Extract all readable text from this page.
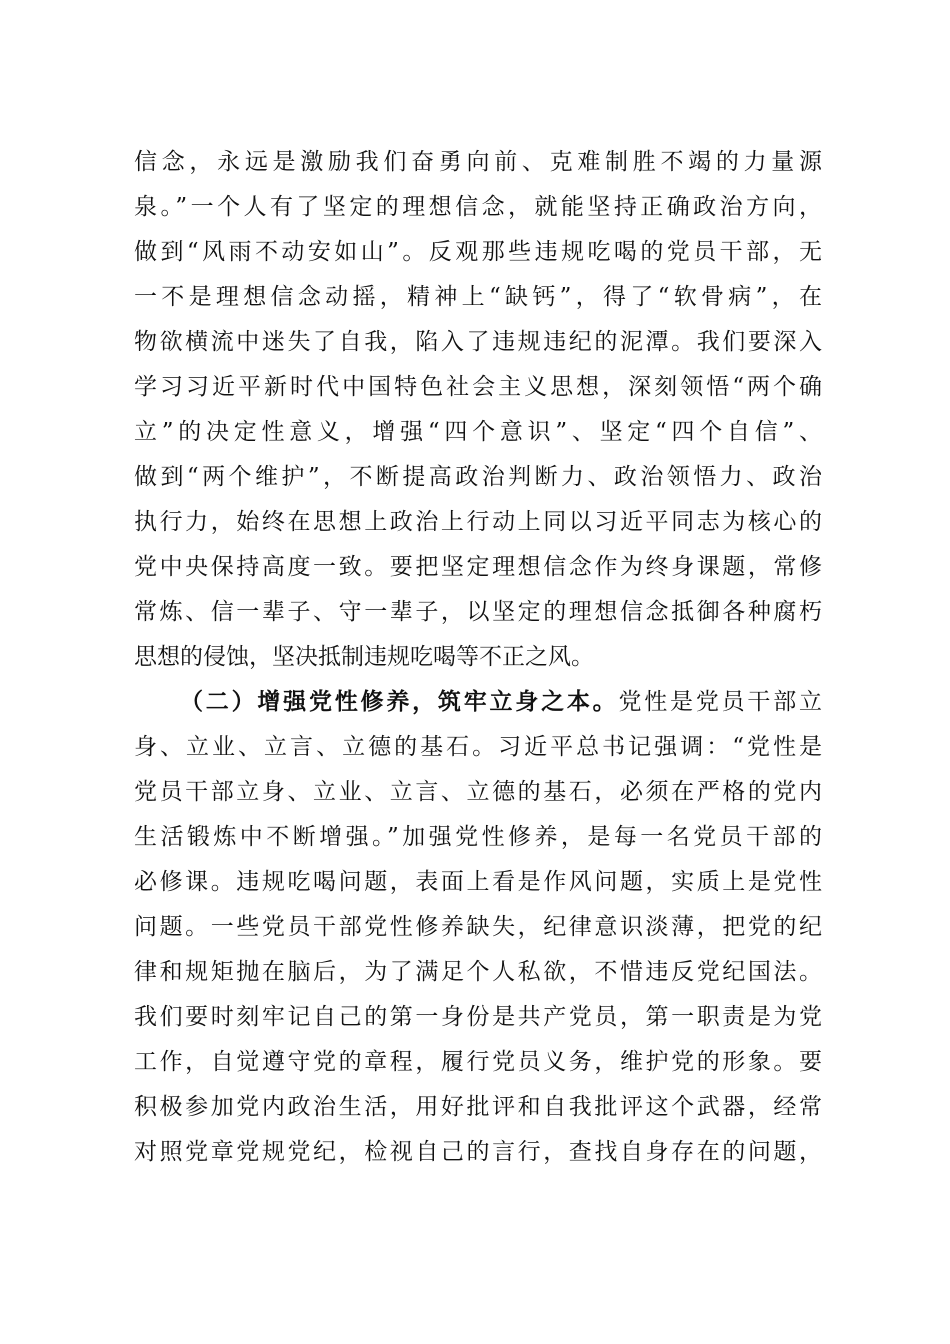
信念，永远是激励我们奋勇向前、克难制胜不竭的力量源
泉。”一个人有了坚定的理想信念，就能坚持正确政治方向，
做到“风雨不动安如山”。反观那些违规吃喝的党员干部，无
一不是理想信念动摇，精神上“缺钙”，得了“软骨病”，在
物欲横流中迷失了自我，陷入了违规违纪的泥潭。我们要深入
学习习近平新时代中国特色社会主义思想，深刻领悟“两个确
立”的决定性意义，增强“四个意识”、坚定“四个自信”、
做到“两个维护”，不断提高政治判断力、政治领悟力、政治
执行力，始终在思想上政治上行动上同以习近平同志为核心的
党中央保持高度一致。要把坚定理想信念作为终身课题，常修
常炼、信一辈子、守一辈子，以坚定的理想信念抵御各种腐朽
思想的侵蚀，坚决抵制违规吃喝等不正之风。
（二）增强党性修养，筑牢立身之本。党性是党员干部立
身、立业、立言、立德的基石。习近平总书记强调：“党性是
党员干部立身、立业、立言、立德的基石，必须在严格的党内
生活锻炼中不断增强。”加强党性修养，是每一名党员干部的
必修课。违规吃喝问题，表面上看是作风问题，实质上是党性
问题。一些党员干部党性修养缺失，纪律意识淡薄，把党的纪
律和规矩抛在脑后，为了满足个人私欲，不惜违反党纪国法。
我们要时刻牢记自己的第一身份是共产党员，第一职责是为党
工作，自觉遵守党的章程，履行党员义务，维护党的形象。要
积极参加党内政治生活，用好批评和自我批评这个武器，经常
对照党章党规党纪，检视自己的言行，查找自身存在的问题，
